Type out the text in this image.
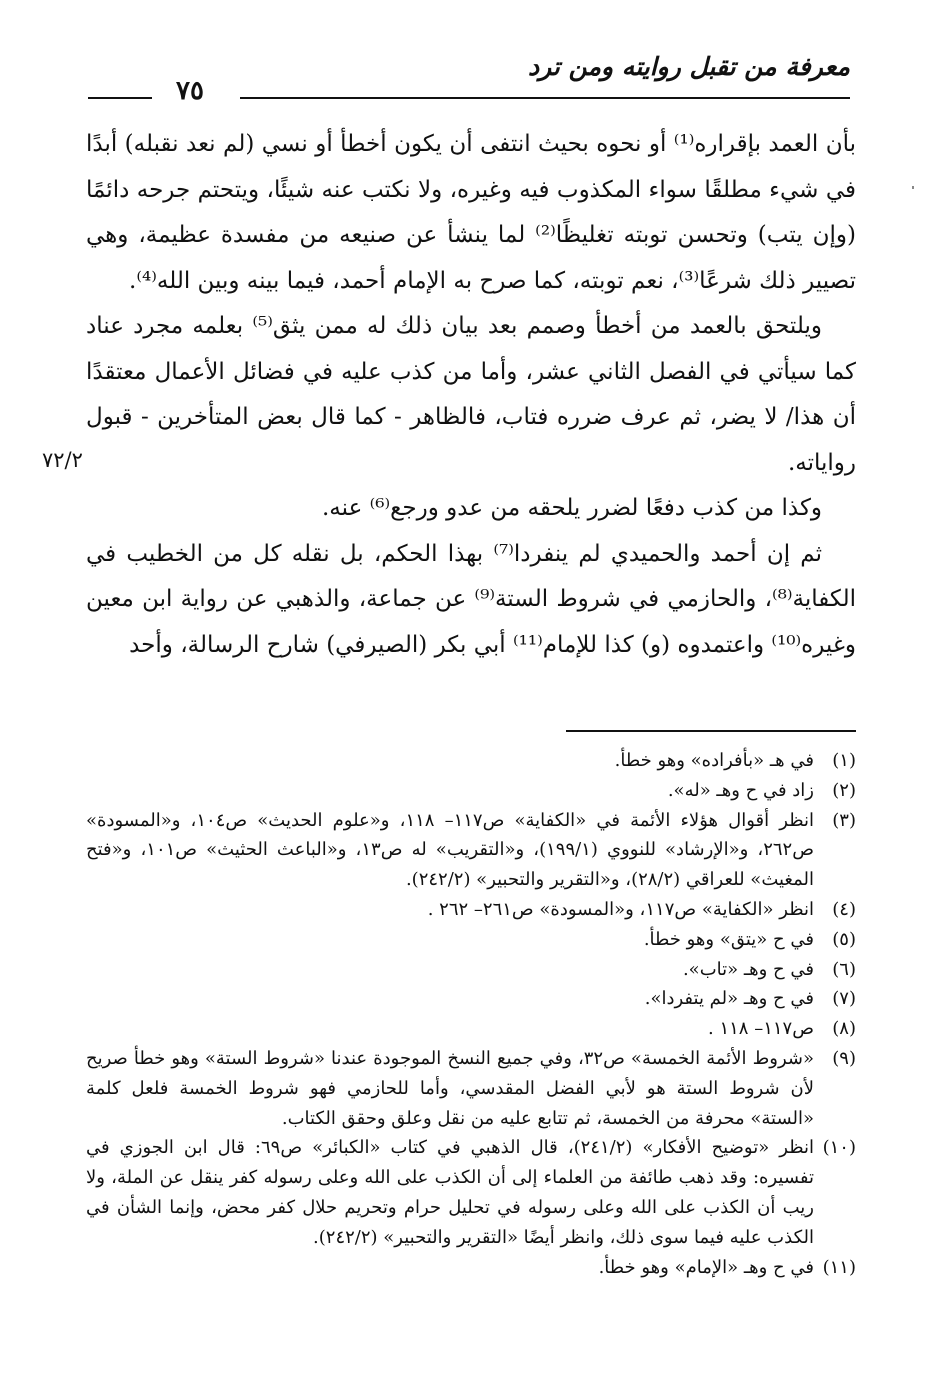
معرفة من تقبل روايته ومن ترد
٧٥

بأن العمد بإقراره⁽¹⁾ أو نحوه بحيث انتفى أن يكون أخطأ أو نسي (لم نعد نقبله) أبدًا في شيء مطلقًا سواء المكذوب فيه وغيره، ولا نكتب عنه شيئًا، ويتحتم جرحه دائمًا (وإن يتب) وتحسن توبته تغليظًا⁽²⁾ لما ينشأ عن صنيعه من مفسدة عظيمة، وهي تصيير ذلك شرعًا⁽³⁾، نعم توبته، كما صرح به الإمام أحمد، فيما بينه وبين الله⁽⁴⁾.

ويلتحق بالعمد من أخطأ وصمم بعد بيان ذلك له ممن يثق⁽⁵⁾ بعلمه مجرد عناد كما سيأتي في الفصل الثاني عشر، وأما من كذب عليه في فضائل الأعمال معتقدًا أن هذا/ لا يضر، ثم عرف ضرره فتاب، فالظاهر - كما قال بعض المتأخرين - قبول رواياته.

وكذا من كذب دفعًا لضرر يلحقه من عدو ورجع⁽⁶⁾ عنه.

ثم إن أحمد والحميدي لم ينفردا⁽⁷⁾ بهذا الحكم، بل نقله كل من الخطيب في الكفاية⁽⁸⁾، والحازمي في شروط الستة⁽⁹⁾ عن جماعة، والذهبي عن رواية ابن معين وغيره⁽¹⁰⁾ واعتمدوه (و) كذا للإمام⁽¹¹⁾ أبي بكر (الصيرفي) شارح الرسالة، وأحد

٧٢/٢

(١)في هـ «بأفراده» وهو خطأ.

(٢)زاد في ح وهـ «له».

(٣)انظر أقوال هؤلاء الأئمة في «الكفاية» ص١١٧– ١١٨، و«علوم الحديث» ص١٠٤، و«المسودة» ص٢٦٢، و«الإرشاد» للنووي (١٩٩/١)، و«التقريب» له ص١٣، و«الباعث الحثيث» ص١٠١، و«فتح المغيث» للعراقي (٢٨/٢)، و«التقرير والتحبير» (٢٤٢/٢).

(٤)انظر «الكفاية» ص١١٧، و«المسودة» ص٢٦١– ٢٦٢ .

(٥)في ح «يتق» وهو خطأ.

(٦)في ح وهـ «تاب».

(٧)في ح وهـ «لم يتفردا».

(٨)ص١١٧– ١١٨ .

(٩)«شروط الأئمة الخمسة» ص٣٢، وفي جميع النسخ الموجودة عندنا «شروط الستة» وهو خطأ صريح لأن شروط الستة هو لأبي الفضل المقدسي، وأما للحازمي فهو شروط الخمسة فلعل كلمة «الستة» محرفة من الخمسة، ثم تتابع عليه من نقل وعلق وحقق الكتاب.

(١٠)انظر «توضيح الأفكار» (٢٤١/٢)، قال الذهبي في كتاب «الكبائر» ص٦٩: قال ابن الجوزي في تفسيره: وقد ذهب طائفة من العلماء إلى أن الكذب على الله وعلى رسوله كفر ينقل عن الملة، ولا ريب أن الكذب على الله وعلى رسوله في تحليل حرام وتحريم حلال كفر محض، وإنما الشأن في الكذب عليه فيما سوى ذلك، وانظر أيضًا «التقرير والتحبير» (٢٤٢/٢).

(١١)في ح وهـ «الإمام» وهو خطأ.
